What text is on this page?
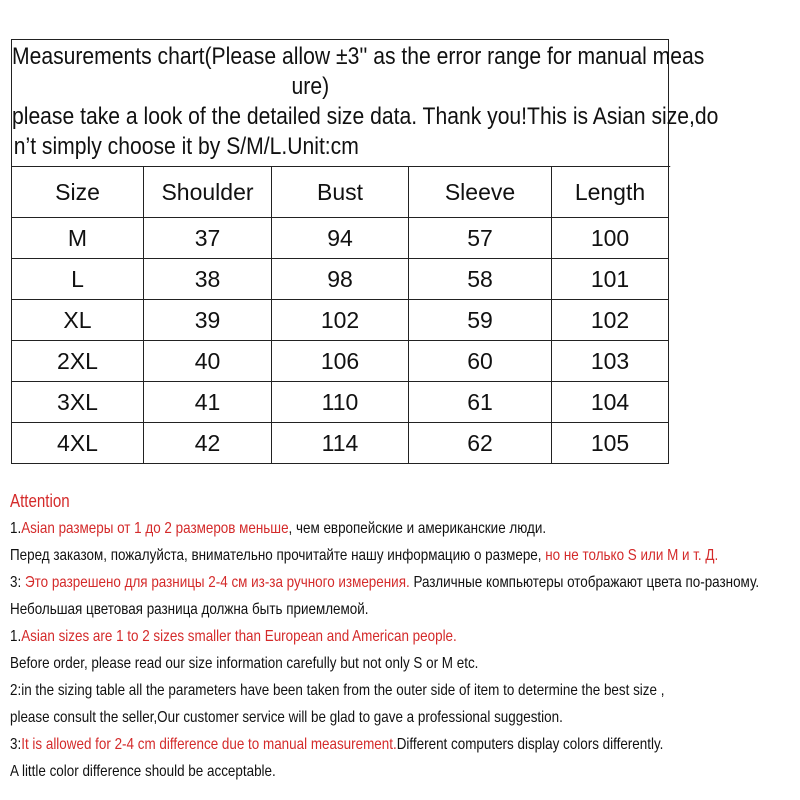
Measurements chart(Please allow ±3'' as the error range for manual meas
ure)
please take a look of the detailed size data. Thank you!This is Asian size,do
n’t simply choose it by S/M/L.Unit:cm
Size	Shoulder	Bust	Sleeve	Length
M	37	94	57	100
L	38	98	58	101
XL	39	102	59	102
2XL	40	106	60	103
3XL	41	110	61	104
4XL	42	114	62	105
Attention
1.Asian размеры от 1 до 2 размеров меньше, чем европейские и американские люди.
Перед заказом, пожалуйста, внимательно прочитайте нашу информацию о размере, но не только S или M и т. Д.
3: Это разрешено для разницы 2-4 см из-за ручного измерения. Различные компьютеры отображают цвета по-разному.
Небольшая цветовая разница должна быть приемлемой.
1.Asian sizes are 1 to 2 sizes smaller than European and American people.
Before order, please read our size information carefully but not only S or M etc.
2:in the sizing table all the parameters have been taken from the outer side of item to determine the best size ,
please consult the seller,Our customer service will be glad to gave a professional suggestion.
3:It is allowed for 2-4 cm difference due to manual measurement.Different computers display colors differently.
A little color difference should be acceptable.
